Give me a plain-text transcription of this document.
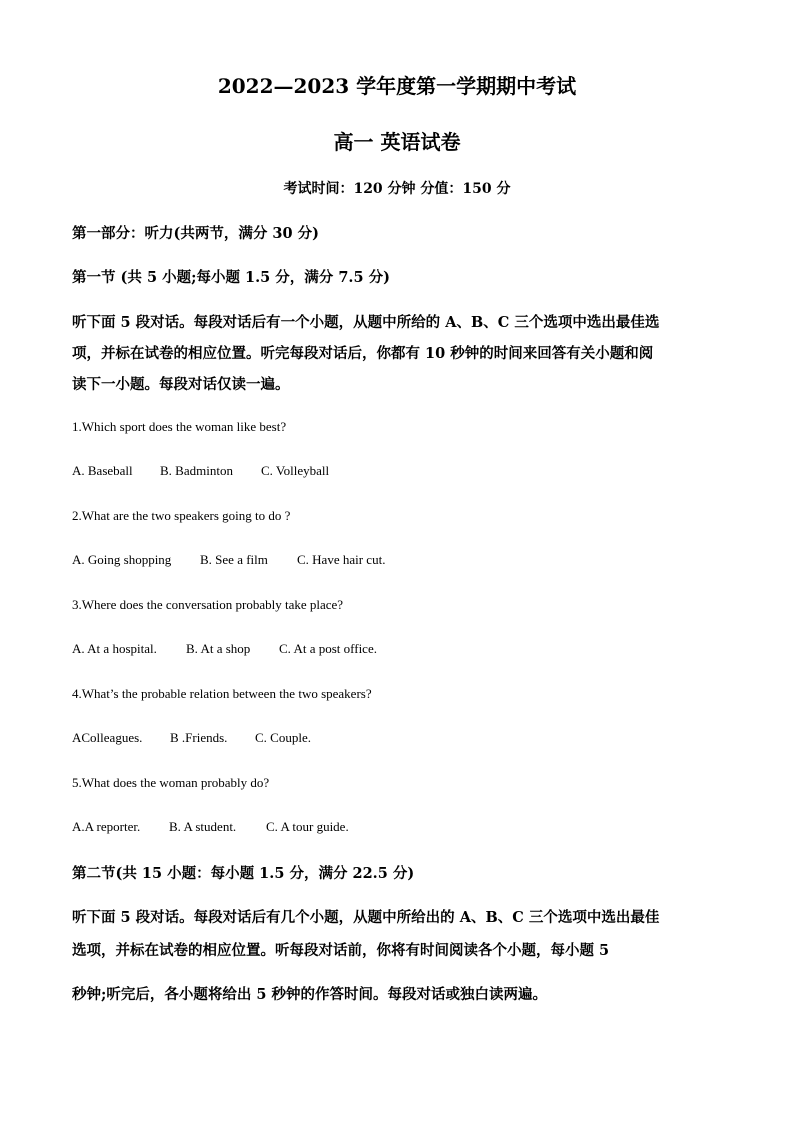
2022—2023 学年度第一学期期中考试
高一 英语试卷
考试时间：120 分钟 分值：150 分
第一部分：听力(共两节，满分 30 分)
第一节 (共 5 小题;每小题 1.5 分，满分 7.5 分)
听下面 5 段对话。每段对话后有一个小题，从题中所给的 A、B、C 三个选项中选出最佳选
项，并标在试卷的相应位置。听完每段对话后，你都有 10 秒钟的时间来回答有关小题和阅
读下一小题。每段对话仅读一遍。
1.Which sport does the woman like best?
A. Baseball B. Badminton C. Volleyball
2.What are the two speakers going to do ?
A. Going shopping B. See a film C. Have hair cut.
3.Where does the conversation probably take place?
A. At a hospital. B. At a shop C. At a post office.
4.What’s the probable relation between the two speakers?
AColleagues. B .Friends. C. Couple.
5.What does the woman probably do?
A.A reporter. B. A student. C. A tour guide.
第二节(共 15 小题：每小题 1.5 分，满分 22.5 分)
听下面 5 段对话。每段对话后有几个小题，从题中所给出的 A、B、C 三个选项中选出最佳
选项，并标在试卷的相应位置。听每段对话前，你将有时间阅读各个小题，每小题 5
秒钟;听完后，各小题将给出 5 秒钟的作答时间。每段对话或独白读两遍。
